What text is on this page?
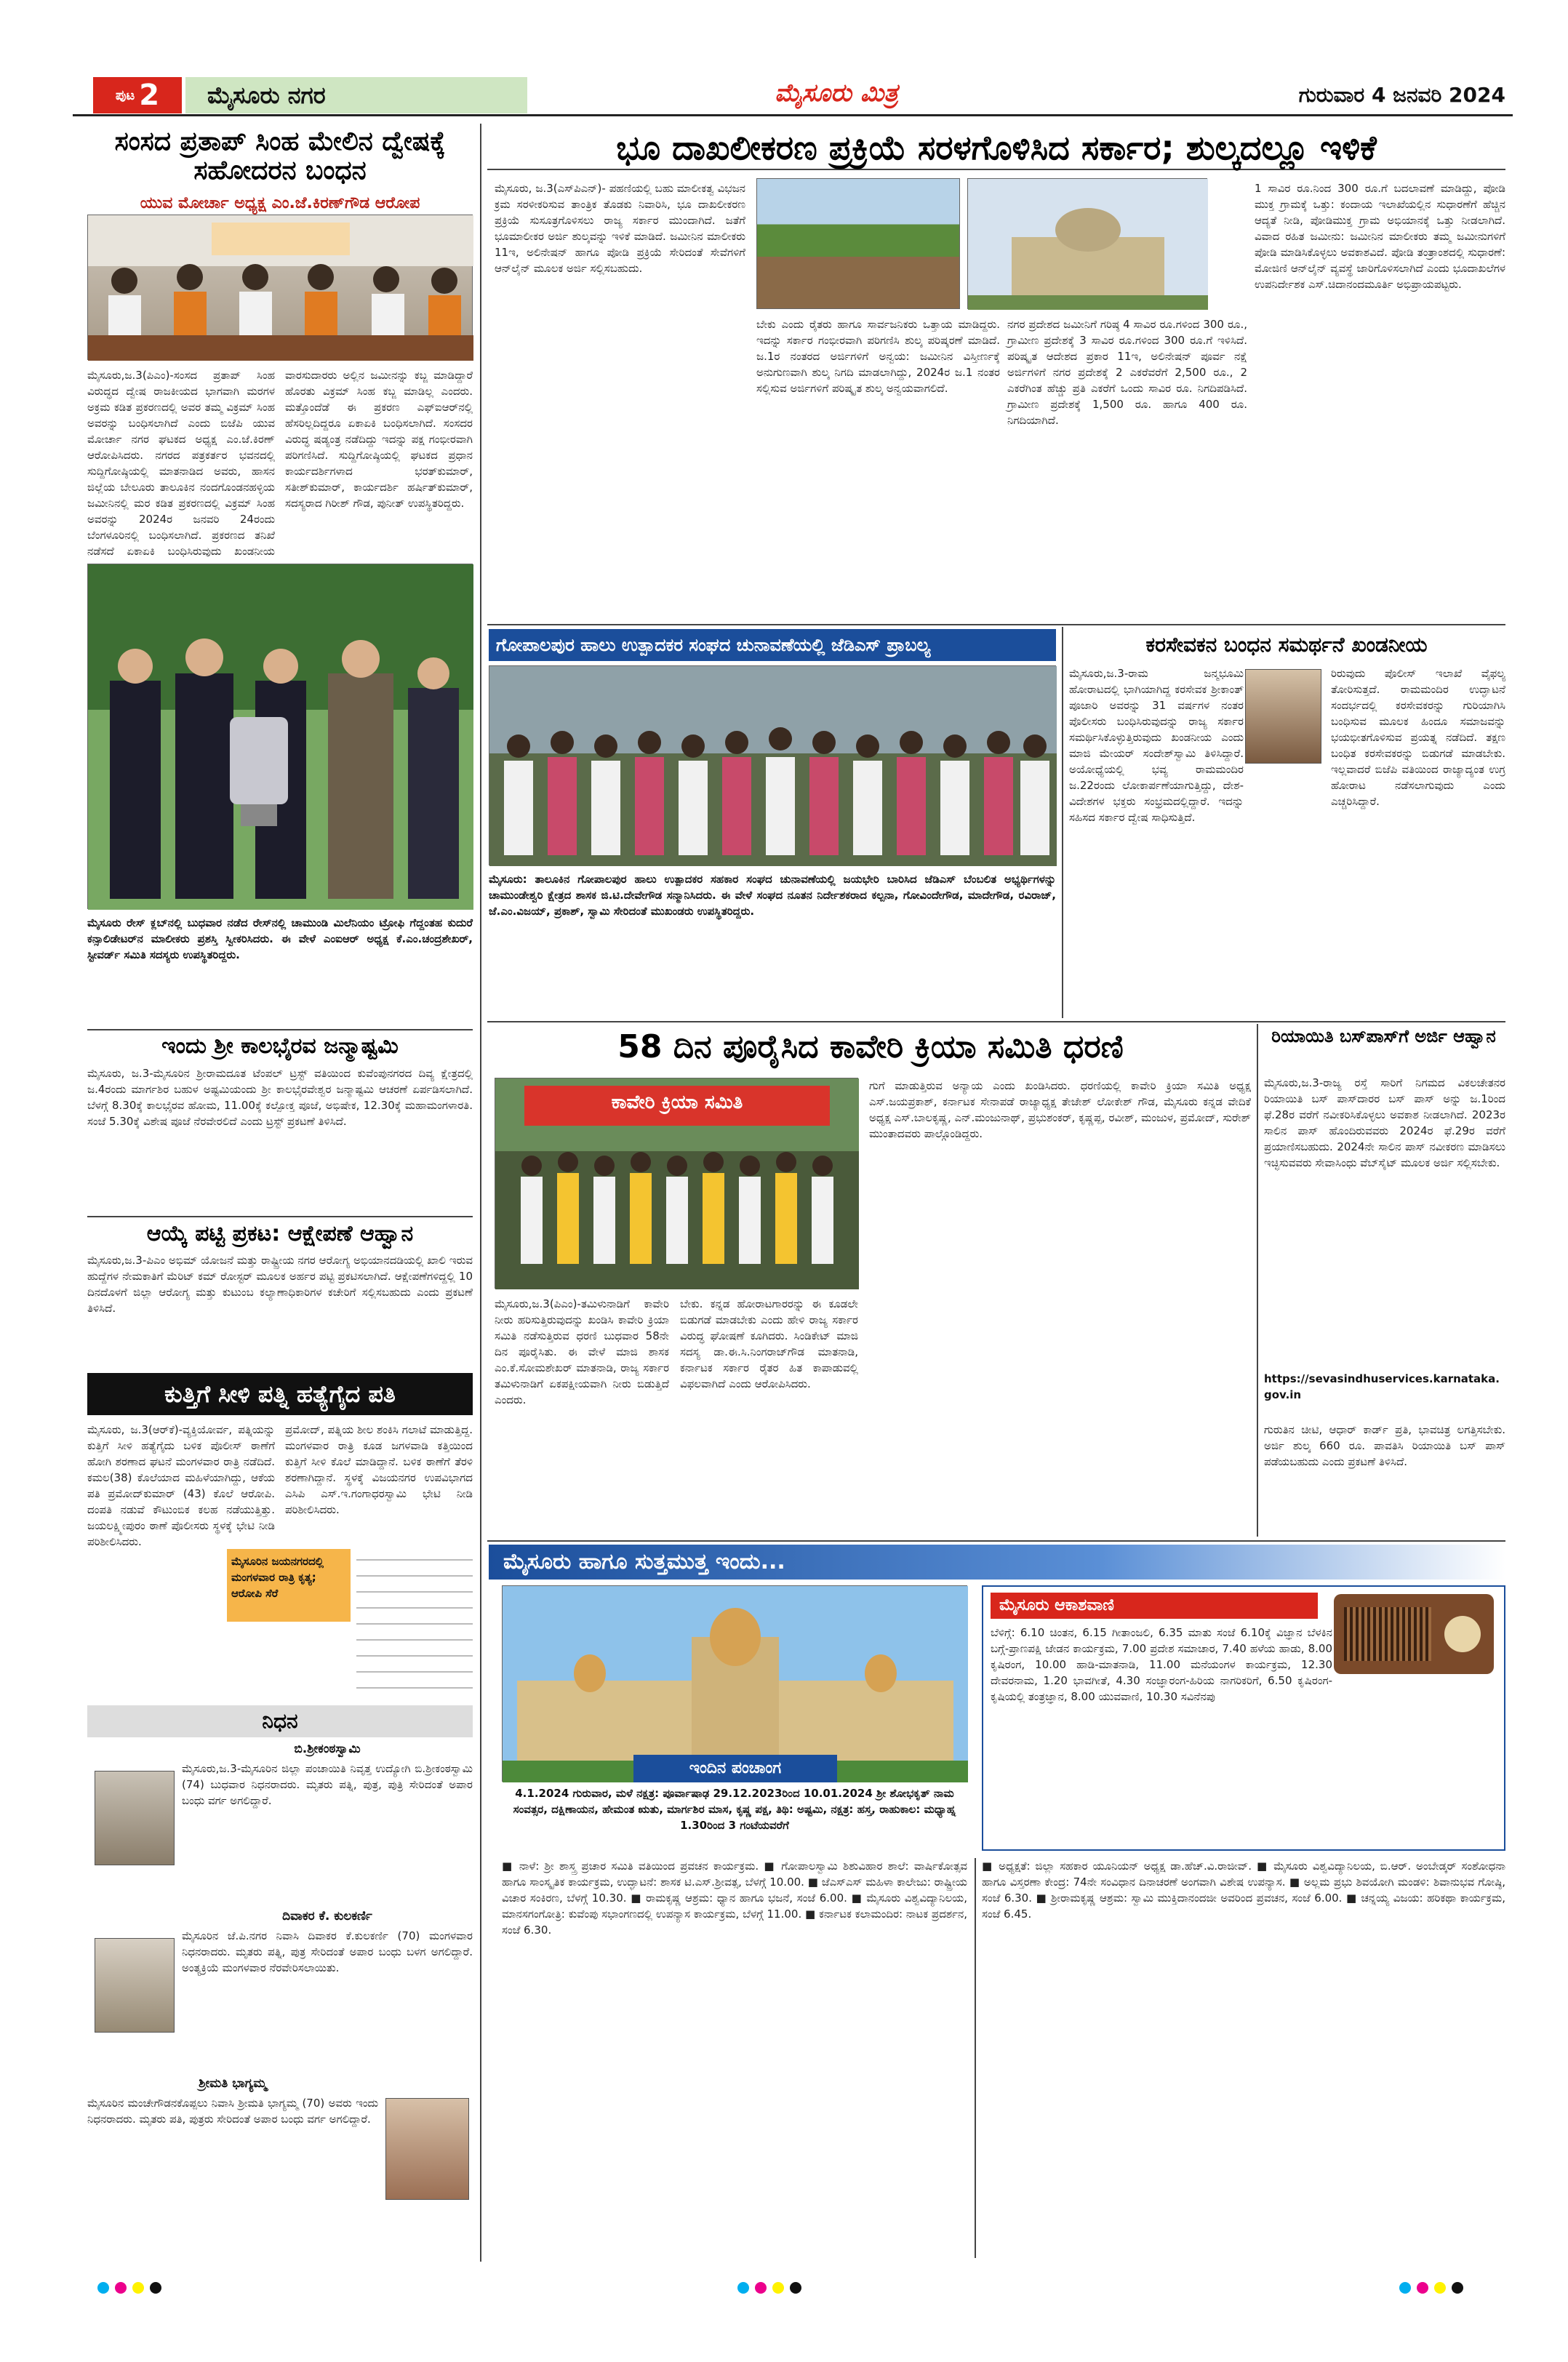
ಪುಟ 2	ಮೈಸೂರು ನಗರ	ಮೈಸೂರು ಮಿತ್ರ	ಗುರುವಾರ 4 ಜನವರಿ 2024
ಸಂಸದ ಪ್ರತಾಪ್ ಸಿಂಹ ಮೇಲಿನ ದ್ವೇಷಕ್ಕೆ ಸಹೋದರನ ಬಂಧನ
ಯುವ ಮೋರ್ಚಾ ಅಧ್ಯಕ್ಷ ಎಂ.ಜೆ.ಕಿರಣ್‌ಗೌಡ ಆರೋಪ
ಮೈಸೂರು,ಜ.3(ಪಿಎಂ)-ಸಂಸದ ಪ್ರತಾಪ್ ಸಿಂಹ ವಿರುದ್ಧದ ದ್ವೇಷ ರಾಜಕೀಯದ ಭಾಗವಾಗಿ ಮರಗಳ ಅಕ್ರಮ ಕಡಿತ ಪ್ರಕರಣದಲ್ಲಿ ಅವರ ತಮ್ಮ ವಿಕ್ರಮ್ ಸಿಂಹ ಅವರನ್ನು ಬಂಧಿಸಲಾಗಿದೆ ಎಂದು ಬಿಜೆಪಿ ಯುವ ಮೋರ್ಚಾ ನಗರ ಘಟಕದ ಅಧ್ಯಕ್ಷ ಎಂ.ಜೆ.ಕಿರಣ್ ಆರೋಪಿಸಿದರು. ನಗರದ ಪತ್ರಕರ್ತರ ಭವನದಲ್ಲಿ ಸುದ್ದಿಗೋಷ್ಠಿಯಲ್ಲಿ ಮಾತನಾಡಿದ ಅವರು, ಹಾಸನ ಜಿಲ್ಲೆಯ ಬೇಲೂರು ತಾಲೂಕಿನ ನಂದಗೊಂಡನಹಳ್ಳಿಯ ಜಮೀನಿನಲ್ಲಿ ಮರ ಕಡಿತ ಪ್ರಕರಣದಲ್ಲಿ ವಿಕ್ರಮ್ ಸಿಂಹ ಅವರನ್ನು 2024ರ ಜನವರಿ 24ರಂದು ಬೆಂಗಳೂರಿನಲ್ಲಿ ಬಂಧಿಸಲಾಗಿದೆ. ಪ್ರಕರಣದ ತನಿಖೆ ನಡೆಸದೆ ಏಕಾಏಕಿ ಬಂಧಿಸಿರುವುದು ಖಂಡನೀಯ
ವಾರಸುದಾರರು ಅಲ್ಲಿನ ಜಮೀನನ್ನು ಕಬ್ಜ ಮಾಡಿದ್ದಾರೆ ಹೊರತು ವಿಕ್ರಮ್ ಸಿಂಹ ಕಬ್ಜ ಮಾಡಿಲ್ಲ ಎಂದರು. ಮತ್ತೊಂದೆಡೆ ಈ ಪ್ರಕರಣ ಎಫ್‌ಐಆರ್‌ನಲ್ಲಿ ಹೆಸರಿಲ್ಲದಿದ್ದರೂ ಏಕಾಏಕಿ ಬಂಧಿಸಲಾಗಿದೆ. ಸಂಸದರ ವಿರುದ್ಧ ಷಡ್ಯಂತ್ರ ನಡೆದಿದ್ದು ಇದನ್ನು ಪಕ್ಷ ಗಂಭೀರವಾಗಿ ಪರಿಗಣಿಸಿದೆ. ಸುದ್ದಿಗೋಷ್ಠಿಯಲ್ಲಿ ಘಟಕದ ಪ್ರಧಾನ ಕಾರ್ಯದರ್ಶಿಗಳಾದ ಭರತ್‌ಕುಮಾರ್, ಸತೀಶ್‌ಕುಮಾರ್, ಕಾರ್ಯದರ್ಶಿ ಹರ್ಷಿತ್‌ಕುಮಾರ್, ಸದಸ್ಯರಾದ ಗಿರೀಶ್ ಗೌಡ, ಪುನೀತ್ ಉಪಸ್ಥಿತರಿದ್ದರು.
ಮೈಸೂರು ರೇಸ್ ಕ್ಲಬ್‌ನಲ್ಲಿ ಬುಧವಾರ ನಡೆದ ರೇಸ್‌ನಲ್ಲಿ ಚಾಮುಂಡಿ ಮಿಲೆನಿಯಂ ಟ್ರೋಫಿ ಗೆದ್ದಂತಹ ಕುದುರೆ ಕನ್ಸಾಲಿಡೇಟರ್‌ನ ಮಾಲೀಕರು ಪ್ರಶಸ್ತಿ ಸ್ವೀಕರಿಸಿದರು. ಈ ವೇಳೆ ಎಂಐಆರ್ ಅಧ್ಯಕ್ಷ ಕೆ.ಎಂ.ಚಂದ್ರಶೇಖರ್, ಸ್ಟೀವರ್ಡ್ ಸಮಿತಿ ಸದಸ್ಯರು ಉಪಸ್ಥಿತರಿದ್ದರು.
ಇಂದು ಶ್ರೀ ಕಾಲಭೈರವ ಜನ್ಮಾಷ್ಟಮಿ
ಮೈಸೂರು, ಜ.3-ಮೈಸೂರಿನ ಶ್ರೀರಾಮದೂತ ಟೆಂಪಲ್ ಟ್ರಸ್ಟ್ ವತಿಯಿಂದ ಕುವೆಂಪುನಗರದ ದಿವ್ಯ ಕ್ಷೇತ್ರದಲ್ಲಿ ಜ.4ರಂದು ಮಾರ್ಗಶಿರ ಬಹುಳ ಅಷ್ಟಮಿಯಂದು ಶ್ರೀ ಕಾಲಭೈರವೇಶ್ವರ ಜನ್ಮಾಷ್ಟಮಿ ಆಚರಣೆ ಏರ್ಪಡಿಸಲಾಗಿದೆ. ಬೆಳಗ್ಗೆ 8.30ಕ್ಕೆ ಕಾಲಭೈರವ ಹೋಮ, 11.00ಕ್ಕೆ ಕಲ್ಪೋಕ್ತ ಪೂಜೆ, ಅಭಿಷೇಕ, 12.30ಕ್ಕೆ ಮಹಾಮಂಗಳಾರತಿ. ಸಂಜೆ 5.30ಕ್ಕೆ ವಿಶೇಷ ಪೂಜೆ ನೆರವೇರಲಿದೆ ಎಂದು ಟ್ರಸ್ಟ್ ಪ್ರಕಟಣೆ ತಿಳಿಸಿದೆ.
ಆಯ್ಕೆ ಪಟ್ಟಿ ಪ್ರಕಟ: ಆಕ್ಷೇಪಣೆ ಆಹ್ವಾನ
ಮೈಸೂರು,ಜ.3-ಪಿಎಂ ಅಭಿಮ್ ಯೋಜನೆ ಮತ್ತು ರಾಷ್ಟ್ರೀಯ ನಗರ ಆರೋಗ್ಯ ಅಭಿಯಾನದಡಿಯಲ್ಲಿ ಖಾಲಿ ಇರುವ ಹುದ್ದೆಗಳ ನೇಮಕಾತಿಗೆ ಮೆರಿಟ್ ಕಮ್ ರೋಸ್ಟರ್ ಮೂಲಕ ಅರ್ಹರ ಪಟ್ಟಿ ಪ್ರಕಟಿಸಲಾಗಿದೆ. ಆಕ್ಷೇಪಣೆಗಳಿದ್ದಲ್ಲಿ 10 ದಿನದೊಳಗೆ ಜಿಲ್ಲಾ ಆರೋಗ್ಯ ಮತ್ತು ಕುಟುಂಬ ಕಲ್ಯಾಣಾಧಿಕಾರಿಗಳ ಕಚೇರಿಗೆ ಸಲ್ಲಿಸಬಹುದು ಎಂದು ಪ್ರಕಟಣೆ ತಿಳಿಸಿದೆ.
ಕುತ್ತಿಗೆ ಸೀಳಿ ಪತ್ನಿ ಹತ್ಯೆಗೈದ ಪತಿ
ಮೈಸೂರು, ಜ.3(ಆರ್‌ಕೆ)-ವ್ಯಕ್ತಿಯೋರ್ವ, ಪತ್ನಿಯನ್ನು ಕುತ್ತಿಗೆ ಸೀಳಿ ಹತ್ಯೆಗೈದು ಬಳಿಕ ಪೊಲೀಸ್ ಠಾಣೆಗೆ ಹೋಗಿ ಶರಣಾದ ಘಟನೆ ಮಂಗಳವಾರ ರಾತ್ರಿ ನಡೆದಿದೆ. ಕಮಲ(38) ಕೊಲೆಯಾದ ಮಹಿಳೆಯಾಗಿದ್ದು, ಆಕೆಯ ಪತಿ ಪ್ರಮೋದ್‌ಕುಮಾರ್ (43) ಕೊಲೆ ಆರೋಪಿ. ದಂಪತಿ ನಡುವೆ ಕೌಟುಂಬಿಕ ಕಲಹ ನಡೆಯುತ್ತಿತ್ತು. ಜಯಲಕ್ಷ್ಮೀಪುರಂ ಠಾಣೆ ಪೊಲೀಸರು ಸ್ಥಳಕ್ಕೆ ಭೇಟಿ ನೀಡಿ ಪರಿಶೀಲಿಸಿದರು.
ಮೈಸೂರಿನ ಜಯನಗರದಲ್ಲಿ ಮಂಗಳವಾರ ರಾತ್ರಿ ಕೃತ್ಯ; ಆರೋಪಿ ಸೆರೆ
ಪ್ರಮೋದ್, ಪತ್ನಿಯ ಶೀಲ ಶಂಕಿಸಿ ಗಲಾಟೆ ಮಾಡುತ್ತಿದ್ದ. ಮಂಗಳವಾರ ರಾತ್ರಿ ಕೂಡ ಜಗಳವಾಡಿ ಕತ್ತಿಯಿಂದ ಕುತ್ತಿಗೆ ಸೀಳಿ ಕೊಲೆ ಮಾಡಿದ್ದಾನೆ. ಬಳಿಕ ಠಾಣೆಗೆ ತೆರಳಿ ಶರಣಾಗಿದ್ದಾನೆ. ಸ್ಥಳಕ್ಕೆ ವಿಜಯನಗರ ಉಪವಿಭಾಗದ ಎಸಿಪಿ ಎಸ್.ಇ.ಗಂಗಾಧರಸ್ವಾಮಿ ಭೇಟಿ ನೀಡಿ ಪರಿಶೀಲಿಸಿದರು.
ನಿಧನ
ಬಿ.ಶ್ರೀಕಂಠಸ್ವಾಮಿ
ಮೈಸೂರು,ಜ.3-ಮೈಸೂರಿನ ಜಿಲ್ಲಾ ಪಂಚಾಯಿತಿ ನಿವೃತ್ತ ಉದ್ಯೋಗಿ ಬಿ.ಶ್ರೀಕಂಠಸ್ವಾಮಿ (74) ಬುಧವಾರ ನಿಧನರಾದರು. ಮೃತರು ಪತ್ನಿ, ಪುತ್ರ, ಪುತ್ರಿ ಸೇರಿದಂತೆ ಅಪಾರ ಬಂಧು ವರ್ಗ ಅಗಲಿದ್ದಾರೆ.
ದಿವಾಕರ ಕೆ. ಕುಲಕರ್ಣಿ
ಮೈಸೂರಿನ ಜೆ.ಪಿ.ನಗರ ನಿವಾಸಿ ದಿವಾಕರ ಕೆ.ಕುಲಕರ್ಣಿ (70) ಮಂಗಳವಾರ ನಿಧನರಾದರು. ಮೃತರು ಪತ್ನಿ, ಪುತ್ರ ಸೇರಿದಂತೆ ಅಪಾರ ಬಂಧು ಬಳಗ ಅಗಲಿದ್ದಾರೆ. ಅಂತ್ಯಕ್ರಿಯೆ ಮಂಗಳವಾರ ನೆರವೇರಿಸಲಾಯಿತು.
ಶ್ರೀಮತಿ ಭಾಗ್ಯಮ್ಮ
ಮೈಸೂರಿನ ಮಂಚೇಗೌಡನಕೊಪ್ಪಲು ನಿವಾಸಿ ಶ್ರೀಮತಿ ಭಾಗ್ಯಮ್ಮ (70) ಅವರು ಇಂದು ನಿಧನರಾದರು. ಮೃತರು ಪತಿ, ಪುತ್ರರು ಸೇರಿದಂತೆ ಅಪಾರ ಬಂಧು ವರ್ಗ ಅಗಲಿದ್ದಾರೆ.
ಭೂ ದಾಖಲೀಕರಣ ಪ್ರಕ್ರಿಯೆ ಸರಳಗೊಳಿಸಿದ ಸರ್ಕಾರ; ಶುಲ್ಕದಲ್ಲೂ ಇಳಿಕೆ
ಮೈಸೂರು, ಜ.3(ಎಸ್‌ಪಿಎನ್)- ಪಹಣಿಯಲ್ಲಿ ಬಹು ಮಾಲೀಕತ್ವ ವಿಭಜನ ಕ್ರಮ ಸರಳೀಕರಿಸುವ ತಾಂತ್ರಿಕ ತೊಡಕು ನಿವಾರಿಸಿ, ಭೂ ದಾಖಲೀಕರಣ ಪ್ರಕ್ರಿಯೆ ಸುಸೂತ್ರಗೊಳಿಸಲು ರಾಜ್ಯ ಸರ್ಕಾರ ಮುಂದಾಗಿದೆ. ಜತೆಗೆ ಭೂಮಾಲೀಕರ ಅರ್ಜಿ ಶುಲ್ಕವನ್ನು ಇಳಿಕೆ ಮಾಡಿದೆ. ಜಮೀನಿನ ಮಾಲೀಕರು 11ಇ, ಅಲಿನೇಷನ್ ಹಾಗೂ ಪೋಡಿ ಪ್ರಕ್ರಿಯೆ ಸೇರಿದಂತೆ ಸೇವೆಗಳಿಗೆ ಆನ್‌ಲೈನ್ ಮೂಲಕ ಅರ್ಜಿ ಸಲ್ಲಿಸಬಹುದು.
ಬೇಕು ಎಂದು ರೈತರು ಹಾಗೂ ಸಾರ್ವಜನಿಕರು ಒತ್ತಾಯ ಮಾಡಿದ್ದರು. ಇದನ್ನು ಸರ್ಕಾರ ಗಂಭೀರವಾಗಿ ಪರಿಗಣಿಸಿ ಶುಲ್ಕ ಪರಿಷ್ಕರಣೆ ಮಾಡಿದೆ. ಜ.1ರ ನಂತರದ ಅರ್ಜಿಗಳಿಗೆ ಅನ್ವಯ: ಜಮೀನಿನ ವಿಸ್ತೀರ್ಣಕ್ಕೆ ಅನುಗುಣವಾಗಿ ಶುಲ್ಕ ನಿಗದಿ ಮಾಡಲಾಗಿದ್ದು, 2024ರ ಜ.1 ನಂತರ ಸಲ್ಲಿಸುವ ಅರ್ಜಿಗಳಿಗೆ ಪರಿಷ್ಕೃತ ಶುಲ್ಕ ಅನ್ವಯವಾಗಲಿದೆ.
ನಗರ ಪ್ರದೇಶದ ಜಮೀನಿಗೆ ಗರಿಷ್ಠ 4 ಸಾವಿರ ರೂ.ಗಳಿಂದ 300 ರೂ., ಗ್ರಾಮೀಣ ಪ್ರದೇಶಕ್ಕೆ 3 ಸಾವಿರ ರೂ.ಗಳಿಂದ 300 ರೂ.ಗೆ ಇಳಿಸಿದೆ. ಪರಿಷ್ಕೃತ ಆದೇಶದ ಪ್ರಕಾರ 11ಇ, ಅಲಿನೇಷನ್ ಪೂರ್ವ ನಕ್ಷೆ ಅರ್ಜಿಗಳಿಗೆ ನಗರ ಪ್ರದೇಶಕ್ಕೆ 2 ಎಕರೆವರೆಗೆ 2,500 ರೂ., 2 ಎಕರೆಗಿಂತ ಹೆಚ್ಚು ಪ್ರತಿ ಎಕರೆಗೆ ಒಂದು ಸಾವಿರ ರೂ. ನಿಗದಿಪಡಿಸಿದೆ. ಗ್ರಾಮೀಣ ಪ್ರದೇಶಕ್ಕೆ 1,500 ರೂ. ಹಾಗೂ 400 ರೂ. ನಿಗದಿಯಾಗಿದೆ.
1 ಸಾವಿರ ರೂ.ನಿಂದ 300 ರೂ.ಗೆ ಬದಲಾವಣೆ ಮಾಡಿದ್ದು, ಪೋಡಿ ಮುಕ್ತ ಗ್ರಾಮಕ್ಕೆ ಒತ್ತು: ಕಂದಾಯ ಇಲಾಖೆಯಲ್ಲಿನ ಸುಧಾರಣೆಗೆ ಹೆಚ್ಚಿನ ಆದ್ಯತೆ ನೀಡಿ, ಪೋಡಿಮುಕ್ತ ಗ್ರಾಮ ಅಭಿಯಾನಕ್ಕೆ ಒತ್ತು ನೀಡಲಾಗಿದೆ. ವಿವಾದ ರಹಿತ ಜಮೀನು: ಜಮೀನಿನ ಮಾಲೀಕರು ತಮ್ಮ ಜಮೀನುಗಳಿಗೆ ಪೋಡಿ ಮಾಡಿಸಿಕೊಳ್ಳಲು ಅವಕಾಶವಿದೆ. ಪೋಡಿ ತಂತ್ರಾಂಶದಲ್ಲಿ ಸುಧಾರಣೆ: ಮೋಜಿಣಿ ಆನ್‌ಲೈನ್ ವ್ಯವಸ್ಥೆ ಜಾರಿಗೊಳಿಸಲಾಗಿದೆ ಎಂದು ಭೂದಾಖಲೆಗಳ ಉಪನಿರ್ದೇಶಕ ಎಸ್.ಚಿದಾನಂದಮೂರ್ತಿ ಅಭಿಪ್ರಾಯಪಟ್ಟರು.
ಗೋಪಾಲಪುರ ಹಾಲು ಉತ್ಪಾದಕರ ಸಂಘದ ಚುನಾವಣೆಯಲ್ಲಿ ಜೆಡಿಎಸ್ ಪ್ರಾಬಲ್ಯ
ಮೈಸೂರು: ತಾಲೂಕಿನ ಗೋಪಾಲಪುರ ಹಾಲು ಉತ್ಪಾದಕರ ಸಹಕಾರ ಸಂಘದ ಚುನಾವಣೆಯಲ್ಲಿ ಜಯಭೇರಿ ಬಾರಿಸಿದ ಜೆಡಿಎಸ್ ಬೆಂಬಲಿತ ಅಭ್ಯರ್ಥಿಗಳನ್ನು ಚಾಮುಂಡೇಶ್ವರಿ ಕ್ಷೇತ್ರದ ಶಾಸಕ ಜಿ.ಟಿ.ದೇವೇಗೌಡ ಸನ್ಮಾನಿಸಿದರು. ಈ ವೇಳೆ ಸಂಘದ ನೂತನ ನಿರ್ದೇಶಕರಾದ ಕಲ್ಪನಾ, ಗೋವಿಂದೇಗೌಡ, ಮಾದೇಗೌಡ, ರವಿರಾಜ್, ಜೆ.ಎಂ.ವಿಜಯ್, ಪ್ರಕಾಶ್, ಸ್ವಾಮಿ ಸೇರಿದಂತೆ ಮುಖಂಡರು ಉಪಸ್ಥಿತರಿದ್ದರು.
ಕರಸೇವಕನ ಬಂಧನ ಸಮರ್ಥನೆ ಖಂಡನೀಯ
ಮೈಸೂರು,ಜ.3-ರಾಮ ಜನ್ಮಭೂಮಿ ಹೋರಾಟದಲ್ಲಿ ಭಾಗಿಯಾಗಿದ್ದ ಕರಸೇವಕ ಶ್ರೀಕಾಂತ್ ಪೂಜಾರಿ ಅವರನ್ನು 31 ವರ್ಷಗಳ ನಂತರ ಪೊಲೀಸರು ಬಂಧಿಸಿರುವುದನ್ನು ರಾಜ್ಯ ಸರ್ಕಾರ ಸಮರ್ಥಿಸಿಕೊಳ್ಳುತ್ತಿರುವುದು ಖಂಡನೀಯ ಎಂದು ಮಾಜಿ ಮೇಯರ್ ಸಂದೇಶ್‌ಸ್ವಾಮಿ ತಿಳಿಸಿದ್ದಾರೆ. ಅಯೋಧ್ಯೆಯಲ್ಲಿ ಭವ್ಯ ರಾಮಮಂದಿರ ಜ.22ರಂದು ಲೋಕಾರ್ಪಣೆಯಾಗುತ್ತಿದ್ದು, ದೇಶ-ವಿದೇಶಗಳ ಭಕ್ತರು ಸಂಭ್ರಮದಲ್ಲಿದ್ದಾರೆ. ಇದನ್ನು ಸಹಿಸದ ಸರ್ಕಾರ ದ್ವೇಷ ಸಾಧಿಸುತ್ತಿದೆ.
ರಿರುವುದು ಪೊಲೀಸ್ ಇಲಾಖೆ ವೈಫಲ್ಯ ತೋರಿಸುತ್ತದೆ. ರಾಮಮಂದಿರ ಉದ್ಘಾಟನೆ ಸಂದರ್ಭದಲ್ಲಿ ಕರಸೇವಕರನ್ನು ಗುರಿಯಾಗಿಸಿ ಬಂಧಿಸುವ ಮೂಲಕ ಹಿಂದೂ ಸಮಾಜವನ್ನು ಭಯಭೀತಗೊಳಿಸುವ ಪ್ರಯತ್ನ ನಡೆದಿದೆ. ತಕ್ಷಣ ಬಂಧಿತ ಕರಸೇವಕರನ್ನು ಬಿಡುಗಡೆ ಮಾಡಬೇಕು. ಇಲ್ಲವಾದರೆ ಬಿಜೆಪಿ ವತಿಯಿಂದ ರಾಜ್ಯಾದ್ಯಂತ ಉಗ್ರ ಹೋರಾಟ ನಡೆಸಲಾಗುವುದು ಎಂದು ಎಚ್ಚರಿಸಿದ್ದಾರೆ.
58 ದಿನ ಪೂರೈಸಿದ ಕಾವೇರಿ ಕ್ರಿಯಾ ಸಮಿತಿ ಧರಣಿ
ಕಾವೇರಿ ಕ್ರಿಯಾ ಸಮಿತಿ
ಮೈಸೂರು,ಜ.3(ಪಿಎಂ)-ತಮಿಳುನಾಡಿಗೆ ಕಾವೇರಿ ನೀರು ಹರಿಸುತ್ತಿರುವುದನ್ನು ಖಂಡಿಸಿ ಕಾವೇರಿ ಕ್ರಿಯಾ ಸಮಿತಿ ನಡೆಸುತ್ತಿರುವ ಧರಣಿ ಬುಧವಾರ 58ನೇ ದಿನ ಪೂರೈಸಿತು. ಈ ವೇಳೆ ಮಾಜಿ ಶಾಸಕ ಎಂ.ಕೆ.ಸೋಮಶೇಖರ್ ಮಾತನಾಡಿ, ರಾಜ್ಯ ಸರ್ಕಾರ ತಮಿಳುನಾಡಿಗೆ ಏಕಪಕ್ಷೀಯವಾಗಿ ನೀರು ಬಿಡುತ್ತಿದೆ ಎಂದರು.
ಬೇಕು. ಕನ್ನಡ ಹೋರಾಟಗಾರರನ್ನು ಈ ಕೂಡಲೇ ಬಿಡುಗಡೆ ಮಾಡಬೇಕು ಎಂದು ಹೇಳಿ ರಾಜ್ಯ ಸರ್ಕಾರ ವಿರುದ್ಧ ಘೋಷಣೆ ಕೂಗಿದರು. ಸಿಂಡಿಕೇಟ್ ಮಾಜಿ ಸದಸ್ಯ ಡಾ.ಈ.ಸಿ.ನಿಂಗರಾಜ್‌ಗೌಡ ಮಾತನಾಡಿ, ಕರ್ನಾಟಕ ಸರ್ಕಾರ ರೈತರ ಹಿತ ಕಾಪಾಡುವಲ್ಲಿ ವಿಫಲವಾಗಿದೆ ಎಂದು ಆರೋಪಿಸಿದರು.
ಗುಗೆ ಮಾಡುತ್ತಿರುವ ಅನ್ಯಾಯ ಎಂದು ಖಂಡಿಸಿದರು. ಧರಣಿಯಲ್ಲಿ ಕಾವೇರಿ ಕ್ರಿಯಾ ಸಮಿತಿ ಅಧ್ಯಕ್ಷ ಎಸ್.ಜಯಪ್ರಕಾಶ್, ಕರ್ನಾಟಕ ಸೇನಾಪಡೆ ರಾಜ್ಯಾಧ್ಯಕ್ಷ ತೇಜೇಶ್ ಲೋಕೇಶ್ ಗೌಡ, ಮೈಸೂರು ಕನ್ನಡ ವೇದಿಕೆ ಅಧ್ಯಕ್ಷ ಎಸ್.ಬಾಲಕೃಷ್ಣ, ಎನ್.ಮಂಜುನಾಥ್, ಪ್ರಭುಶಂಕರ್, ಕೃಷ್ಣಪ್ಪ, ರವೀಶ್, ಮಂಜುಳ, ಪ್ರಮೋದ್, ಸುರೇಶ್ ಮುಂತಾದವರು ಪಾಲ್ಗೊಂಡಿದ್ದರು.
ರಿಯಾಯಿತಿ ಬಸ್‌ಪಾಸ್‌ಗೆ ಅರ್ಜಿ ಆಹ್ವಾನ
ಮೈಸೂರು,ಜ.3-ರಾಜ್ಯ ರಸ್ತೆ ಸಾರಿಗೆ ನಿಗಮದ ವಿಕಲಚೇತನರ ರಿಯಾಯಿತಿ ಬಸ್ ಪಾಸ್‌ದಾರರ ಬಸ್ ಪಾಸ್ ಅನ್ನು ಜ.1ರಿಂದ ಫೆ.28ರ ವರೆಗೆ ನವೀಕರಿಸಿಕೊಳ್ಳಲು ಅವಕಾಶ ನೀಡಲಾಗಿದೆ. 2023ರ ಸಾಲಿನ ಪಾಸ್ ಹೊಂದಿರುವವರು 2024ರ ಫೆ.29ರ ವರೆಗೆ ಪ್ರಯಾಣಿಸಬಹುದು. 2024ನೇ ಸಾಲಿನ ಪಾಸ್ ನವೀಕರಣ ಮಾಡಿಸಲು ಇಚ್ಛಿಸುವವರು ಸೇವಾಸಿಂಧು ವೆಬ್‌ಸೈಟ್ ಮೂಲಕ ಅರ್ಜಿ ಸಲ್ಲಿಸಬೇಕು.
https://sevasindhuservices.karnataka.gov.in
ಗುರುತಿನ ಚೀಟಿ, ಆಧಾರ್ ಕಾರ್ಡ್ ಪ್ರತಿ, ಭಾವಚಿತ್ರ ಲಗತ್ತಿಸಬೇಕು. ಅರ್ಜಿ ಶುಲ್ಕ 660 ರೂ. ಪಾವತಿಸಿ ರಿಯಾಯಿತಿ ಬಸ್ ಪಾಸ್ ಪಡೆಯಬಹುದು ಎಂದು ಪ್ರಕಟಣೆ ತಿಳಿಸಿದೆ.
ಮೈಸೂರು ಹಾಗೂ ಸುತ್ತಮುತ್ತ ಇಂದು...
ಇಂದಿನ ಪಂಚಾಂಗ
4.1.2024 ಗುರುವಾರ, ಮಳೆ ನಕ್ಷತ್ರ: ಪೂರ್ವಾಷಾಢ 29.12.2023ರಿಂದ 10.01.2024 ಶ್ರೀ ಶೋಭಕೃತ್ ನಾಮ ಸಂವತ್ಸರ, ದಕ್ಷಿಣಾಯನ, ಹೇಮಂತ ಋತು, ಮಾರ್ಗಶಿರ ಮಾಸ, ಕೃಷ್ಣ ಪಕ್ಷ, ತಿಥಿ: ಅಷ್ಟಮಿ, ನಕ್ಷತ್ರ: ಹಸ್ತ, ರಾಹುಕಾಲ: ಮಧ್ಯಾಹ್ನ 1.30ರಿಂದ 3 ಗಂಟೆಯವರೆಗೆ
ಮೈಸೂರು ಆಕಾಶವಾಣಿ
ಬೆಳಿಗ್ಗೆ: 6.10 ಚಿಂತನ, 6.15 ಗೀತಾಂಜಲಿ, 6.35 ಮಾತು ಸಂಜೆ 6.10ಕ್ಕೆ ವಿಜ್ಞಾನ ಬೆಳಕಿನ ಬಗ್ಗೆ-ಪ್ರಾಣಪಕ್ಷಿ ಜೇಡನ ಕಾರ್ಯಕ್ರಮ, 7.00 ಪ್ರದೇಶ ಸಮಾಚಾರ, 7.40 ಹಳೆಯ ಹಾಡು, 8.00 ಕೃಷಿರಂಗ, 10.00 ಹಾಡಿ-ಮಾತನಾಡಿ, 11.00 ಮನೆಯಂಗಳ ಕಾರ್ಯಕ್ರಮ, 12.30 ದೇವರನಾಮ, 1.20 ಭಾವಗೀತೆ, 4.30 ಸಂಜ್ಞಾರಂಗ-ಹಿರಿಯ ನಾಗರಿಕರಿಗೆ, 6.50 ಕೃಷಿರಂಗ-ಕೃಷಿಯಲ್ಲಿ ತಂತ್ರಜ್ಞಾನ, 8.00 ಯುವವಾಣಿ, 10.30 ಸವಿನೆನಪು
■ ನಾಳೆ: ಶ್ರೀ ಶಾಸ್ತ್ರ ಪ್ರಚಾರ ಸಮಿತಿ ವತಿಯಿಂದ ಪ್ರವಚನ ಕಾರ್ಯಕ್ರಮ. ■ ಗೋಪಾಲಸ್ವಾಮಿ ಶಿಶುವಿಹಾರ ಶಾಲೆ: ವಾರ್ಷಿಕೋತ್ಸವ ಹಾಗೂ ಸಾಂಸ್ಕೃತಿಕ ಕಾರ್ಯಕ್ರಮ, ಉದ್ಘಾಟನೆ: ಶಾಸಕ ಟಿ.ಎಸ್.ಶ್ರೀವತ್ಸ, ಬೆಳಗ್ಗೆ 10.00. ■ ಜೆಎಸ್‌ಎಸ್ ಮಹಿಳಾ ಕಾಲೇಜು: ರಾಷ್ಟ್ರೀಯ ವಿಚಾರ ಸಂಕಿರಣ, ಬೆಳಗ್ಗೆ 10.30. ■ ರಾಮಕೃಷ್ಣ ಆಶ್ರಮ: ಧ್ಯಾನ ಹಾಗೂ ಭಜನೆ, ಸಂಜೆ 6.00. ■ ಮೈಸೂರು ವಿಶ್ವವಿದ್ಯಾನಿಲಯ, ಮಾನಸಗಂಗೋತ್ರಿ: ಕುವೆಂಪು ಸಭಾಂಗಣದಲ್ಲಿ ಉಪನ್ಯಾಸ ಕಾರ್ಯಕ್ರಮ, ಬೆಳಗ್ಗೆ 11.00. ■ ಕರ್ನಾಟಕ ಕಲಾಮಂದಿರ: ನಾಟಕ ಪ್ರದರ್ಶನ, ಸಂಜೆ 6.30.
■ ಅಧ್ಯಕ್ಷತೆ: ಜಿಲ್ಲಾ ಸಹಕಾರ ಯೂನಿಯನ್ ಅಧ್ಯಕ್ಷ ಡಾ.ಹೆಚ್.ವಿ.ರಾಜೀವ್. ■ ಮೈಸೂರು ವಿಶ್ವವಿದ್ಯಾನಿಲಯ, ಬಿ.ಆರ್. ಅಂಬೇಡ್ಕರ್ ಸಂಶೋಧನಾ ಹಾಗೂ ವಿಸ್ತರಣಾ ಕೇಂದ್ರ: 74ನೇ ಸಂವಿಧಾನ ದಿನಾಚರಣೆ ಅಂಗವಾಗಿ ವಿಶೇಷ ಉಪನ್ಯಾಸ. ■ ಅಲ್ಲಮ ಪ್ರಭು ಶಿವಯೋಗಿ ಮಂಡಳಿ: ಶಿವಾನುಭವ ಗೋಷ್ಠಿ, ಸಂಜೆ 6.30. ■ ಶ್ರೀರಾಮಕೃಷ್ಣ ಆಶ್ರಮ: ಸ್ವಾಮಿ ಮುಕ್ತಿದಾನಂದಜೀ ಅವರಿಂದ ಪ್ರವಚನ, ಸಂಜೆ 6.00. ■ ಚನ್ನಯ್ಯ ವಿಜಯ: ಹರಿಕಥಾ ಕಾರ್ಯಕ್ರಮ, ಸಂಜೆ 6.45.
